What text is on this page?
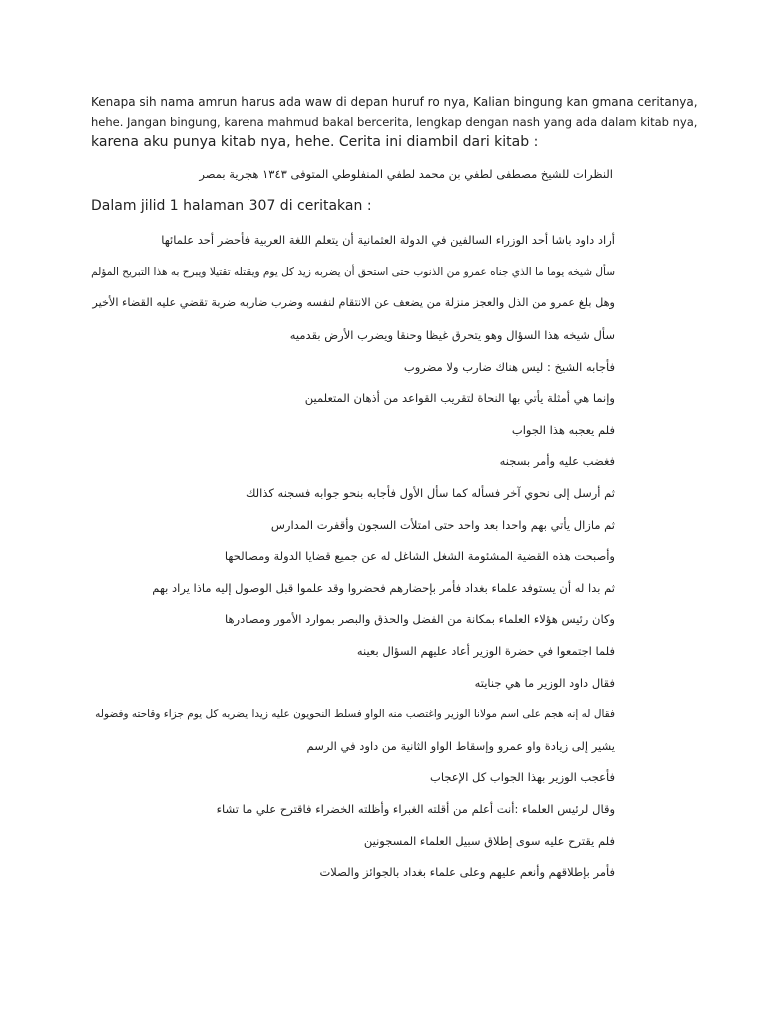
Kenapa sih nama amrun harus ada waw di depan huruf ro nya, Kalian bingung kan gmana ceritanya,

hehe. Jangan bingung, karena mahmud bakal bercerita, lengkap dengan nash yang ada dalam kitab nya,

karena aku punya kitab nya, hehe. Cerita ini diambil dari kitab :

النظرات للشيخ مصطفى لطفي بن محمد لطفي المنفلوطي المتوفى ١٣٤٣ هجرية بمصر
Dalam jilid 1 halaman 307 di ceritakan :
أراد داود باشا أحد الوزراء السالفين في الدولة العثمانية أن يتعلم اللغة العربية فأحضر أحد علمائها
سأل شيخه يوما ما الذي جناه عمرو من الذنوب حتى استحق أن يضربه زيد كل يوم ويقتله تقتيلا ويبرح به هذا التبريح المؤلم
وهل بلغ عمرو من الذل والعجز منزلة من يضعف عن الانتقام لنفسه وضرب ضاربه ضربة تقضي عليه القضاء الأخير
سأل شيخه هذا السؤال وهو يتحرق غيظا وحنقا ويضرب الأرض بقدميه
فأجابه الشيخ : ليس هناك ضارب ولا مضروب
وإنما هي أمثلة يأتي بها النحاة لتقريب القواعد من أذهان المتعلمين
فلم يعجبه هذا الجواب
فغضب عليه وأمر بسجنه
ثم أرسل إلى نحوي آخر فسأله كما سأل الأول فأجابه بنحو جوابه فسجنه كذالك
ثم مازال يأتي بهم واحدا بعد واحد حتى امتلأت السجون وأقفرت المدارس
وأصبحت هذه القضية المشئومة الشغل الشاغل له عن جميع قضايا الدولة ومصالحها
ثم بدا له أن يستوفد علماء بغداد فأمر بإحضارهم فحضروا وقد علموا قبل الوصول إليه ماذا يراد بهم
وكان رئيس هؤلاء العلماء بمكانة من الفضل والحذق والبصر بموارد الأمور ومصادرها
فلما اجتمعوا في حضرة الوزير أعاد عليهم السؤال بعينه
فقال داود الوزير ما هي جنايته
فقال له إنه هجم على اسم مولانا الوزير واغتصب منه الواو فسلط النحويون عليه زيدا يضربه كل يوم جزاء وقاحته وفضوله
يشير إلى زيادة واو عمرو وإسقاط الواو الثانية من داود في الرسم
فأعجب الوزير بهذا الجواب كل الإعجاب
وقال لرئيس العلماء :أنت أعلم من أقلته الغبراء وأظلته الخضراء فاقترح علي ما تشاء
فلم يقترح عليه سوى إطلاق سبيل العلماء المسجونين
فأمر بإطلاقهم وأنعم عليهم وعلى علماء بغداد بالجوائز والصلات
